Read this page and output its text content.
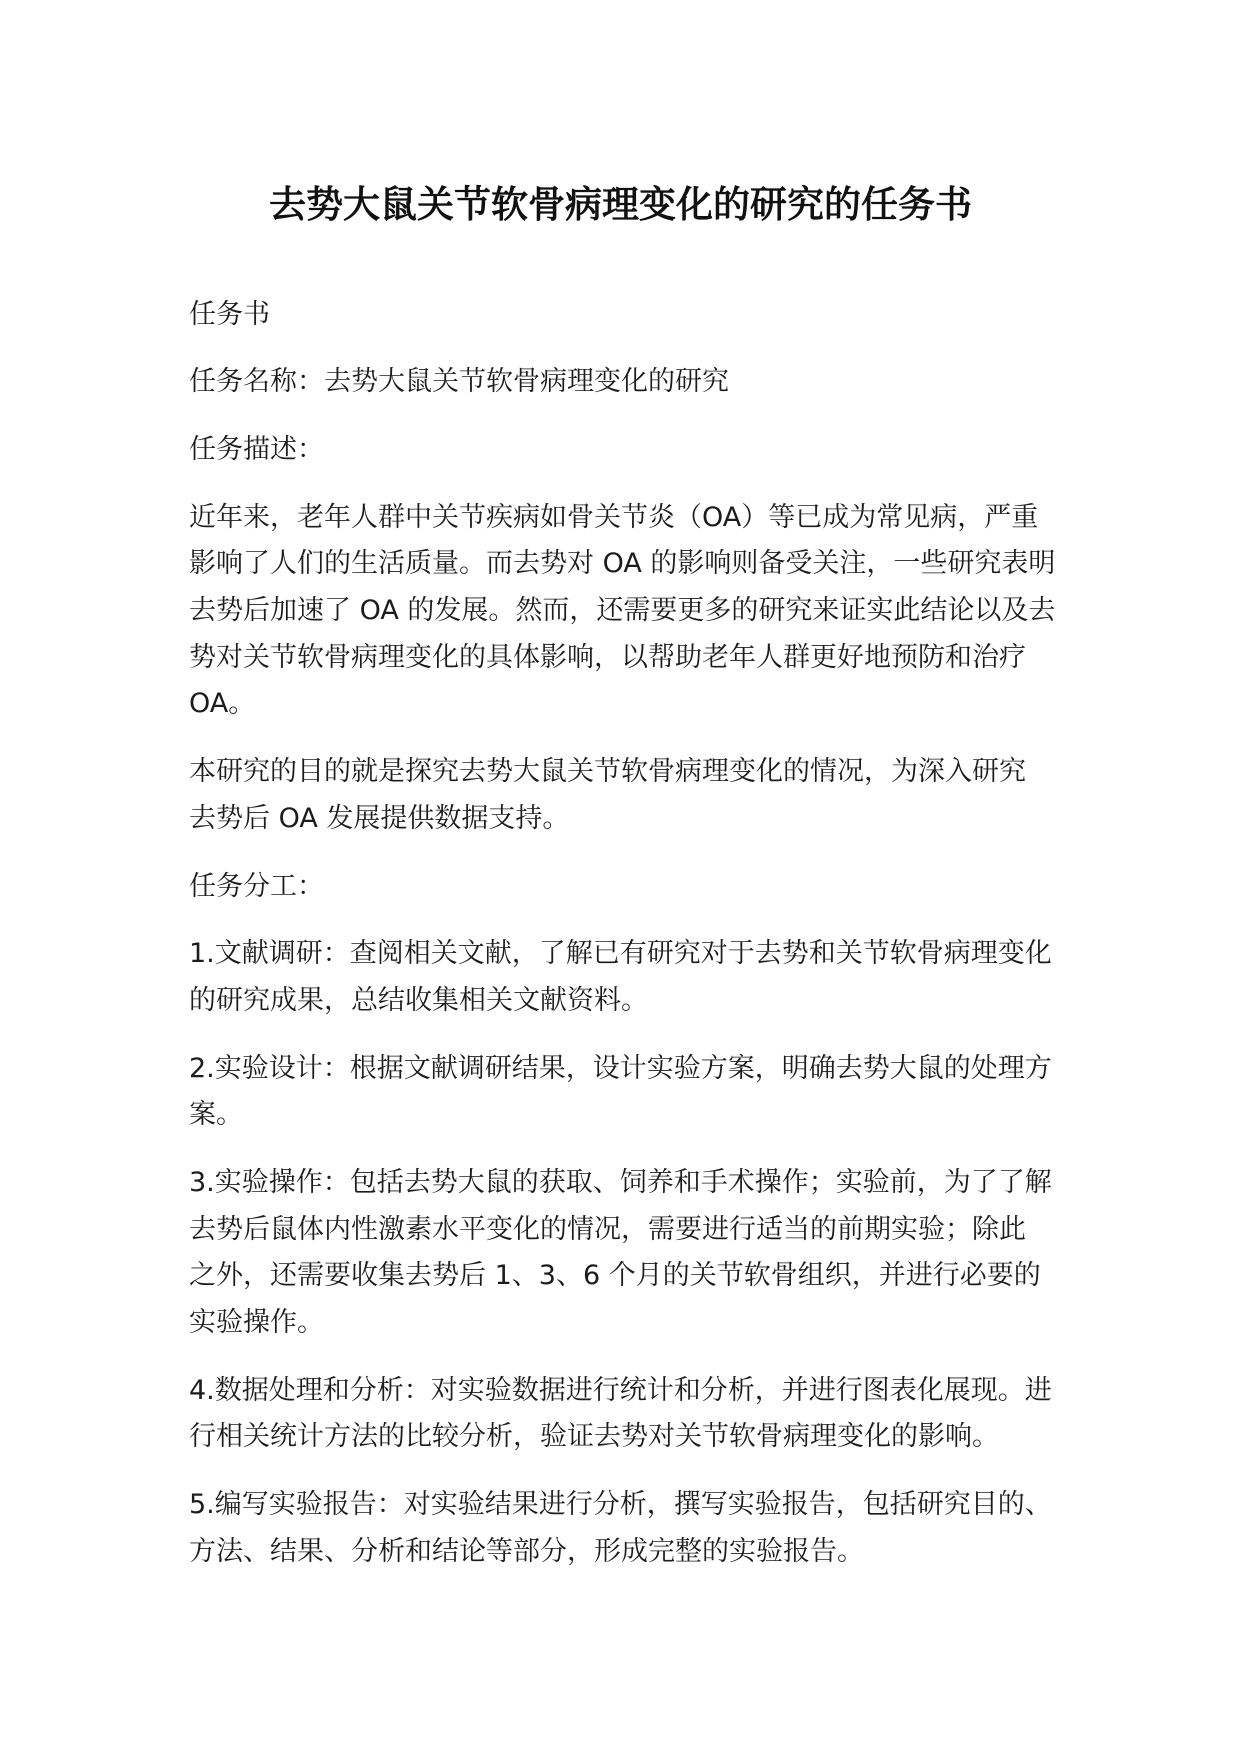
去势大鼠关节软骨病理变化的研究的任务书
任务书
任务名称：去势大鼠关节软骨病理变化的研究
任务描述：
近年来，老年人群中关节疾病如骨关节炎（OA）等已成为常见病，严重
影响了人们的生活质量。而去势对 OA 的影响则备受关注，一些研究表明
去势后加速了 OA 的发展。然而，还需要更多的研究来证实此结论以及去
势对关节软骨病理变化的具体影响，以帮助老年人群更好地预防和治疗
OA。
本研究的目的就是探究去势大鼠关节软骨病理变化的情况，为深入研究
去势后 OA 发展提供数据支持。
任务分工：
1.文献调研：查阅相关文献，了解已有研究对于去势和关节软骨病理变化
的研究成果，总结收集相关文献资料。
2.实验设计：根据文献调研结果，设计实验方案，明确去势大鼠的处理方
案。
3.实验操作：包括去势大鼠的获取、饲养和手术操作；实验前，为了了解
去势后鼠体内性激素水平变化的情况，需要进行适当的前期实验；除此
之外，还需要收集去势后 1、3、6 个月的关节软骨组织，并进行必要的
实验操作。
4.数据处理和分析：对实验数据进行统计和分析，并进行图表化展现。进
行相关统计方法的比较分析，验证去势对关节软骨病理变化的影响。
5.编写实验报告：对实验结果进行分析，撰写实验报告，包括研究目的、
方法、结果、分析和结论等部分，形成完整的实验报告。
